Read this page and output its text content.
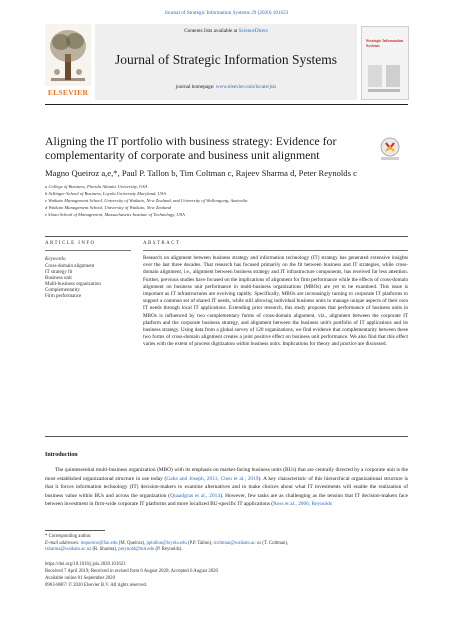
Journal of Strategic Information Systems 29 (2020) 101623
ELSEVIER
Contents lists available at ScienceDirect
Journal of Strategic Information Systems
journal homepage: www.elsevier.com/locate/jsis
Strategic Information Systems
Aligning the IT portfolio with business strategy: Evidence for complementarity of corporate and business unit alignment
Magno Queiroz a,e,*, Paul P. Tallon b, Tim Coltman c, Rajeev Sharma d, Peter Reynolds c
a College of Business, Florida Atlantic University, USA
b Sellinger School of Business, Loyola University Maryland, USA
c Waikato Management School, University of Waikato, New Zealand, and University of Wollongong, Australia
d Waikato Management School, University of Waikato, New Zealand
e Sloan School of Management, Massachusetts Institute of Technology, USA
ARTICLE INFO	ABSTRACT
Keywords:
Cross-domain alignment
IT strategy fit
Business unit
Multi-business organization
Complementarity
Firm performance
Research on alignment between business strategy and information technology (IT) strategy has generated extensive insights over the last three decades. That research has focused primarily on the fit between business and IT strategies, while cross-domain alignment, i.e., alignment between business strategy and IT infrastructure components, has received far less attention. Further, previous studies have focused on the implications of alignment for firm performance while the effects of cross-domain alignment on business unit performance in multi-business organizations (MBOs) are yet to be examined. This issue is important as IT infrastructures are evolving rapidly. Specifically, MBOs are increasingly turning to corporate IT platforms to support a common set of shared IT needs, while still allowing individual business units to manage unique aspects of their own IT needs through local IT applications. Extending prior research, this study proposes that performance of business units in MBOs is influenced by two complementary forms of cross-domain alignment, viz., alignment between the corporate IT platform and the corporate business strategy, and alignment between the business unit's portfolio of IT applications and its business strategy. Using data from a global survey of 120 organizations, we find evidence that complementarity between these two forms of cross-domain alignment creates a joint positive effect on business unit performance. We also find that this effect varies with the extent of process digitization within business units. Implications for theory and practice are discussed.
Introduction
The quintessential multi-business organization (MBO) with its emphasis on market-facing business units (BUs) that are centrally directed by a corporate unit is the most established organizational structure in use today (Gaba and Joseph, 2013, Chen et al., 2019). A key characteristic of this hierarchical organizational structure is that it forces information technology (IT) decision-makers to examine alternatives and to make choices about what IT investments will enable the realization of business value within BUs and across the organization (Quaadgras et al., 2014). However, few tasks are as challenging as the tension that IT decision-makers face between investment in firm-wide corporate IT platforms and more localized BU-specific IT applications (Ross et al., 2006, Reynolds
* Corresponding author.
E-mail addresses: mqueiroz@fau.edu (M. Queiroz), pptallon@loyola.edu (P.P. Tallon), tcoltman@waikato.ac.nz (T. Coltman),
rsharma@waikato.ac.nz (R. Sharma), preynold@mit.edu (P. Reynolds).
https://doi.org/10.1016/j.jsis.2020.101623
Received 7 April 2019; Received in revised form 6 August 2020; Accepted 6 August 2020
Available online 01 September 2020
0963-8687/ © 2020 Elsevier B.V. All rights reserved.
